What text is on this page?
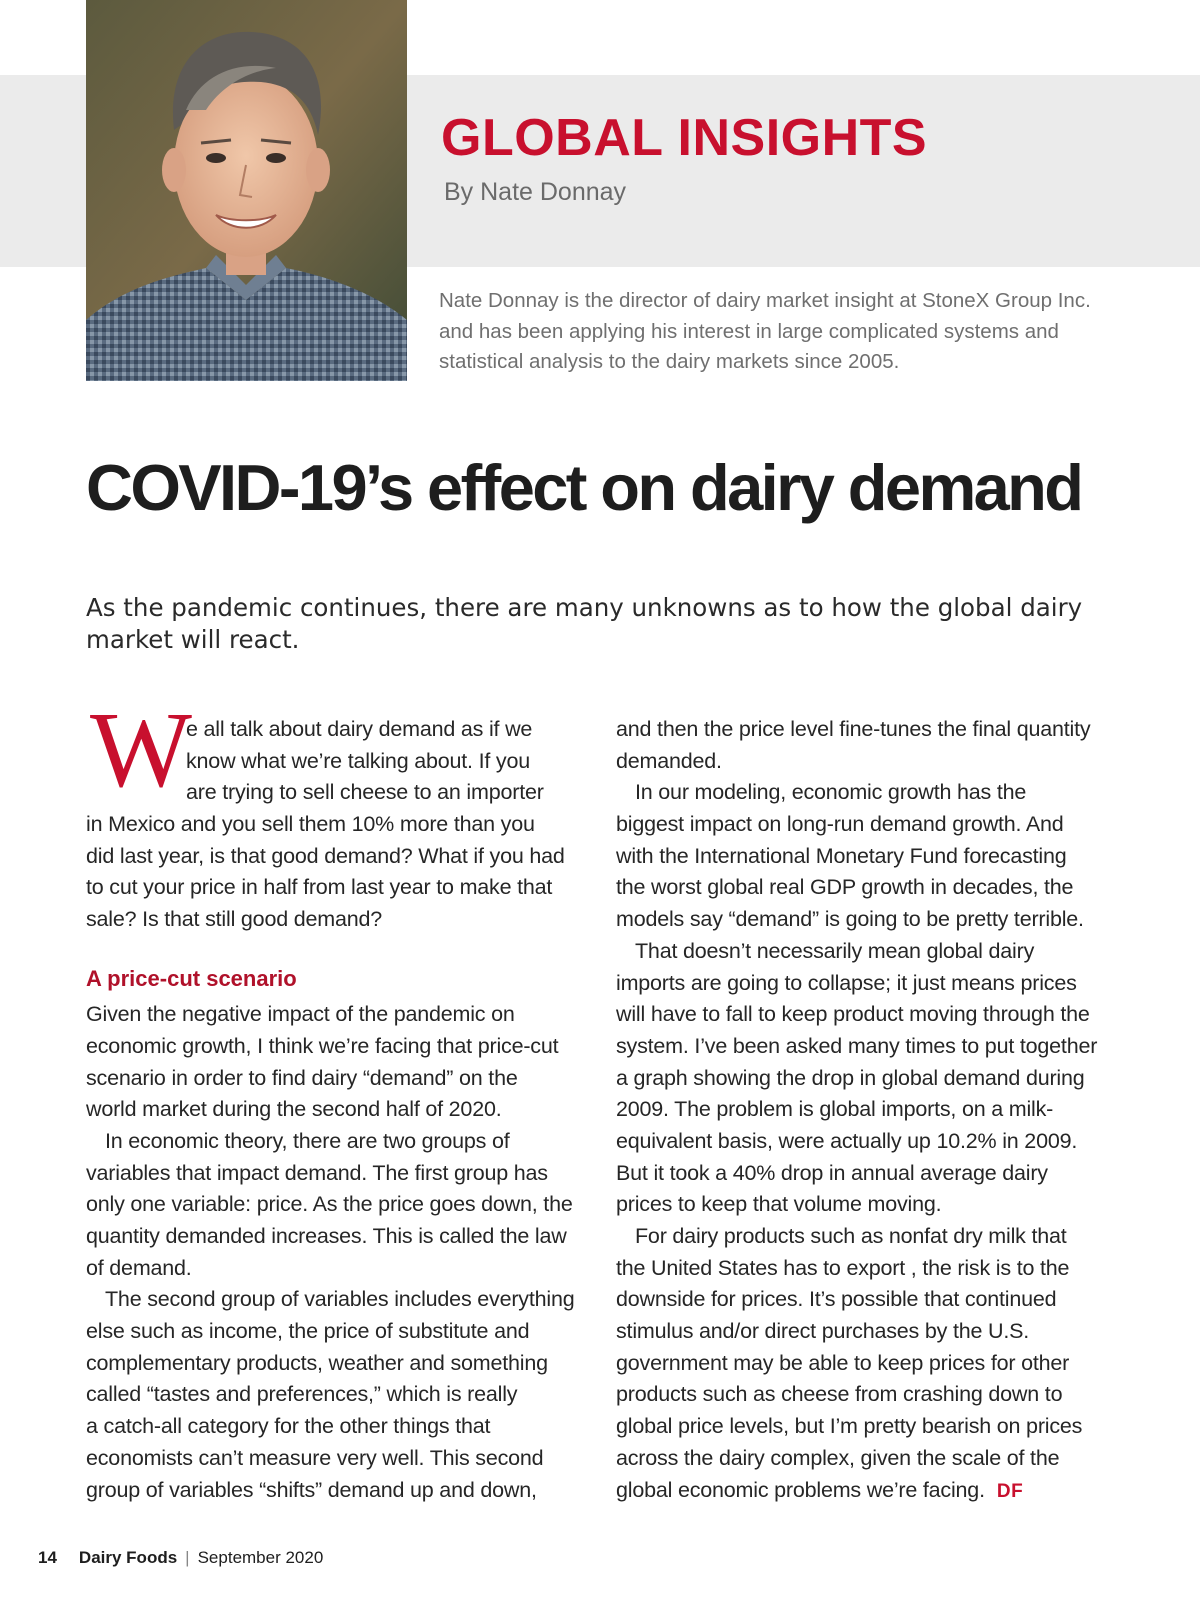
GLOBAL INSIGHTS
By Nate Donnay

Nate Donnay is the director of dairy market insight at StoneX Group Inc.
and has been applying his interest in large complicated systems and
statistical analysis to the dairy markets since 2005.

COVID-19’s effect on dairy demand

As the pandemic continues, there are many unknowns as to how the global dairy
market will react.

W
e all talk about dairy demand as if we
know what we’re talking about. If you
are trying to sell cheese to an importer
in Mexico and you sell them 10% more than you
did last year, is that good demand? What if you had
to cut your price in half from last year to make that
sale? Is that still good demand?
Given the negative impact of the pandemic on
economic growth, I think we’re facing that price-cut
scenario in order to find dairy “demand” on the
world market during the second half of 2020.
In economic theory, there are two groups of
variables that impact demand. The first group has
only one variable: price. As the price goes down, the
quantity demanded increases. This is called the law
of demand.
The second group of variables includes everything
else such as income, the price of substitute and
complementary products, weather and something
called “tastes and preferences,” which is really
a catch-all category for the other things that
economists can’t measure very well. This second
group of variables “shifts” demand up and down,
A price-cut scenario
and then the price level fine-tunes the final quantity
demanded.
In our modeling, economic growth has the
biggest impact on long-run demand growth. And
with the International Monetary Fund forecasting
the worst global real GDP growth in decades, the
models say “demand” is going to be pretty terrible.
That doesn’t necessarily mean global dairy
imports are going to collapse; it just means prices
will have to fall to keep product moving through the
system. I’ve been asked many times to put together
a graph showing the drop in global demand during
2009. The problem is global imports, on a milk-
equivalent basis, were actually up 10.2% in 2009.
But it took a 40% drop in annual average dairy
prices to keep that volume moving.
For dairy products such as nonfat dry milk that
the United States has to export , the risk is to the
downside for prices. It’s possible that continued
stimulus and/or direct purchases by the U.S.
government may be able to keep prices for other
products such as cheese from crashing down to
global price levels, but I’m pretty bearish on prices
across the dairy complex, given the scale of the
global economic problems we’re facing. DF
14 Dairy Foods | September 2020
